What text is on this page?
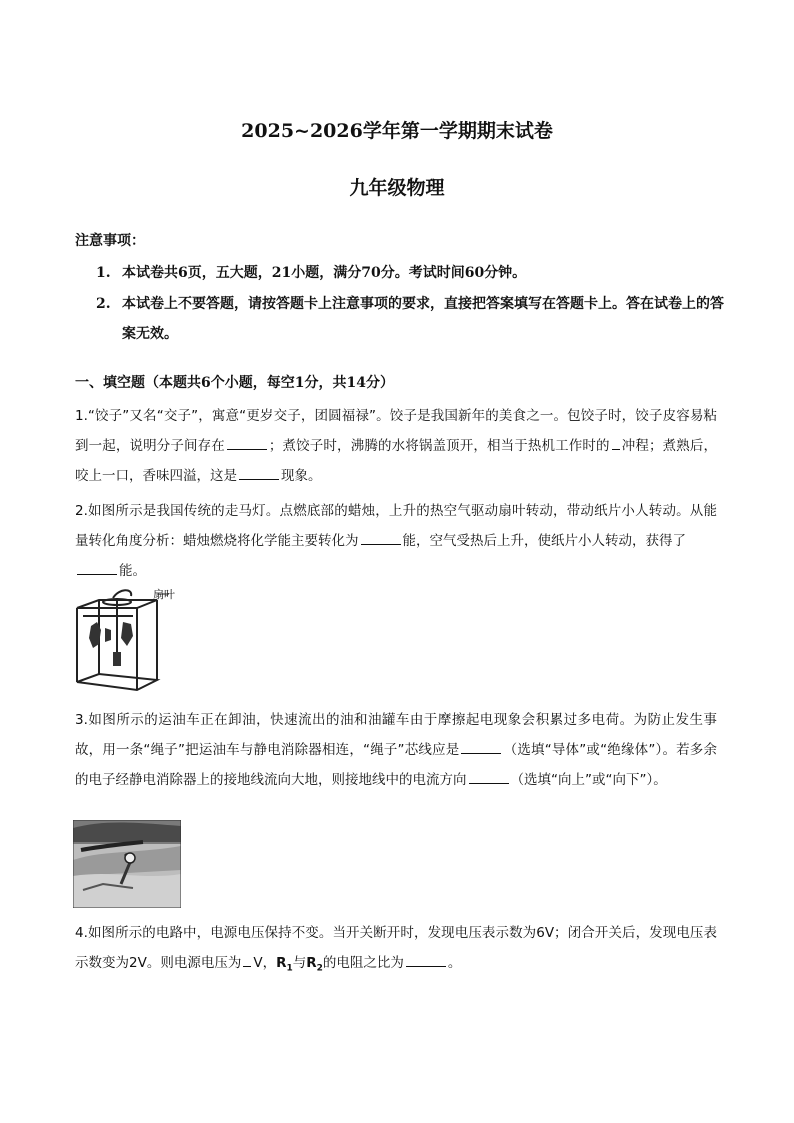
2025~2026学年第一学期期末试卷
九年级物理
注意事项：
1. 本试卷共6页，五大题，21小题，满分70分。考试时间60分钟。
2. 本试卷上不要答题，请按答题卡上注意事项的要求，直接把答案填写在答题卡上。答在试卷上的答案无效。
一、填空题（本题共6个小题，每空1分，共14分）
1.“饺子”又名“交子”，寓意“更岁交子，团圆福禄”。饺子是我国新年的美食之一。包饺子时，饺子皮容易粘到一起，说明分子间存在	；煮饺子时，沸腾的水将锅盖顶开，相当于热机工作时的 冲程；煮熟后，咬上一口，香味四溢，这是	现象。
2.如图所示是我国传统的走马灯。点燃底部的蜡烛，上升的热空气驱动扇叶转动，带动纸片小人转动。从能量转化角度分析：蜡烛燃烧将化学能主要转化为	能，空气受热后上升，使纸片小人转动，获得了
能。
扇叶
3.如图所示的运油车正在卸油，快速流出的油和油罐车由于摩擦起电现象会积累过多电荷。为防止发生事故，用一条“绳子”把运油车与静电消除器相连，“绳子”芯线应是	（选填“导体”或“绝缘体”）。若多余的电子经静电消除器上的接地线流向大地，则接地线中的电流方向	（选填“向上”或“向下”）。
4.如图所示的电路中，电源电压保持不变。当开关断开时，发现电压表示数为6V；闭合开关后，发现电压表示数变为2V。则电源电压为 V，$R_1$与$R_2$的电阻之比为	。
